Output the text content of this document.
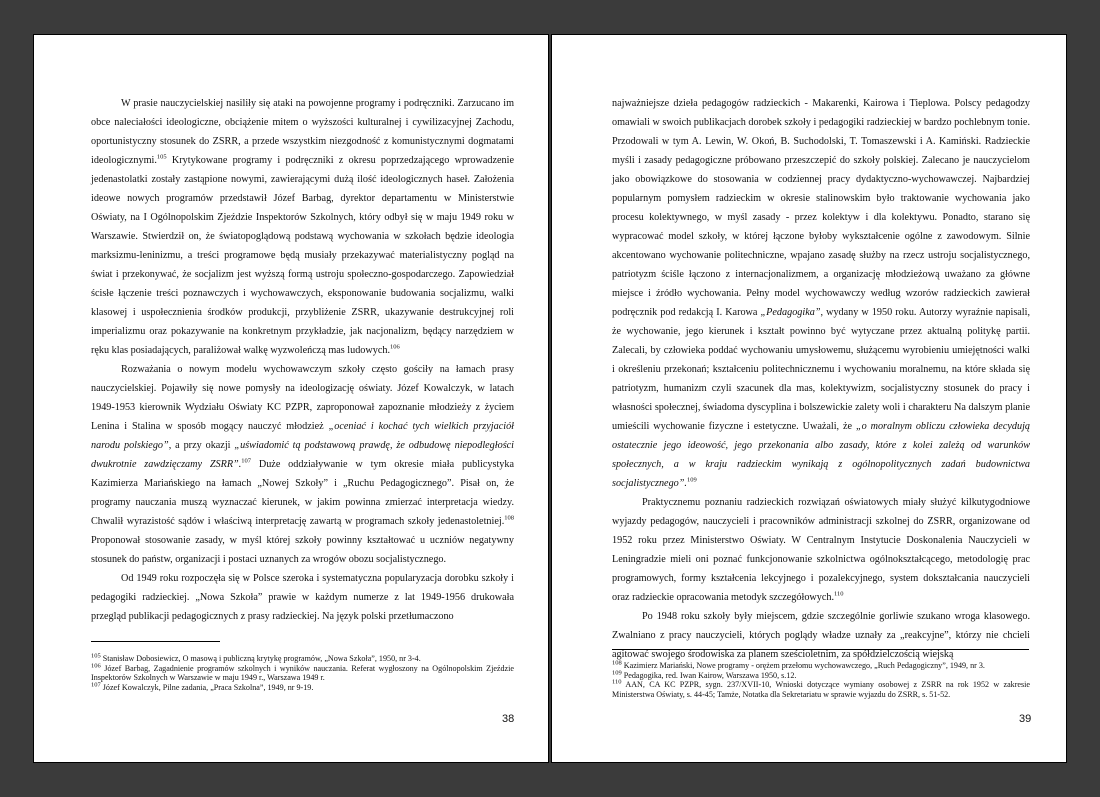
W prasie nauczycielskiej nasiliły się ataki na powojenne programy i podręczniki. Zarzucano im obce naleciałości ideologiczne, obciążenie mitem o wyższości kulturalnej i cywilizacyjnej Zachodu, oportunistyczny stosunek do ZSRR, a przede wszystkim niezgodność z komunistycznymi dogmatami ideologicznymi.$^{105}$ Krytykowane programy i podręczniki z okresu poprzedzającego wprowadzenie jedenastolatki zostały zastąpione nowymi, zawierającymi dużą ilość ideologicznych haseł. Założenia ideowe nowych programów przedstawił Józef Barbag, dyrektor departamentu w Ministerstwie Oświaty, na I Ogólnopolskim Zjeździe Inspektorów Szkolnych, który odbył się w maju 1949 roku w Warszawie. Stwierdził on, że światopoglądową podstawą wychowania w szkołach będzie ideologia marksizmu-leninizmu, a treści programowe będą musiały przekazywać materialistyczny pogląd na świat i przekonywać, że socjalizm jest wyższą formą ustroju społeczno-gospodarczego. Zapowiedział ścisłe łączenie treści poznawczych i wychowawczych, eksponowanie budowania socjalizmu, walki klasowej i uspołecznienia środków produkcji, przybliżenie ZSRR, ukazywanie destrukcyjnej roli imperializmu oraz pokazywanie na konkretnym przykładzie, jak nacjonalizm, będący narzędziem w ręku klas posiadających, paraliżował walkę wyzwoleńczą mas ludowych.$^{106}$

Rozważania o nowym modelu wychowawczym szkoły często gościły na łamach prasy nauczycielskiej. Pojawiły się nowe pomysły na ideologizację oświaty. Józef Kowalczyk, w latach 1949-1953 kierownik Wydziału Oświaty KC PZPR, zaproponował zapoznanie młodzieży z życiem Lenina i Stalina w sposób mogący nauczyć młodzież „oceniać i kochać tych wielkich przyjaciół narodu polskiego”, a przy okazji „uświadomić tą podstawową prawdę, że odbudowę niepodległości dwukrotnie zawdzięczamy ZSRR”.$^{107}$ Duże oddziaływanie w tym okresie miała publicystyka Kazimierza Mariańskiego na łamach „Nowej Szkoły” i „Ruchu Pedagogicznego”. Pisał on, że programy nauczania muszą wyznaczać kierunek, w jakim powinna zmierzać interpretacja wiedzy. Chwalił wyrazistość sądów i właściwą interpretację zawartą w programach szkoły jedenastoletniej.$^{108}$ Proponował stosowanie zasady, w myśl której szkoły powinny kształtować u uczniów negatywny stosunek do państw, organizacji i postaci uznanych za wrogów obozu socjalistycznego.

Od 1949 roku rozpoczęła się w Polsce szeroka i systematyczna popularyzacja dorobku szkoły i pedagogiki radzieckiej. „Nowa Szkoła” prawie w każdym numerze z lat 1949-1956 drukowała przegląd publikacji pedagogicznych z prasy radzieckiej. Na język polski przetłumaczono

$^{105}$ Stanisław Dobosiewicz, O masową i publiczną krytykę programów, „Nowa Szkoła”, 1950, nr 3-4.
$^{106}$ Józef Barbag, Zagadnienie programów szkolnych i wyników nauczania. Referat wygłoszony na Ogólnopolskim Zjeździe Inspektorów Szkolnych w Warszawie w maju 1949 r., Warszawa 1949 r.
$^{107}$ Józef Kowalczyk, Pilne zadania, „Praca Szkolna”, 1949, nr 9-19.
38

najważniejsze dzieła pedagogów radzieckich - Makarenki, Kairowa i Tieplowa. Polscy pedagodzy omawiali w swoich publikacjach dorobek szkoły i pedagogiki radzieckiej w bardzo pochlebnym tonie. Przodowali w tym A. Lewin, W. Okoń, B. Suchodolski, T. Tomaszewski i A. Kamiński. Radzieckie myśli i zasady pedagogiczne próbowano przeszczepić do szkoły polskiej. Zalecano je nauczycielom jako obowiązkowe do stosowania w codziennej pracy dydaktyczno-wychowawczej. Najbardziej popularnym pomysłem radzieckim w okresie stalinowskim było traktowanie wychowania jako procesu kolektywnego, w myśl zasady - przez kolektyw i dla kolektywu. Ponadto, starano się wypracować model szkoły, w której łączone byłoby wykształcenie ogólne z zawodowym. Silnie akcentowano wychowanie politechniczne, wpajano zasadę służby na rzecz ustroju socjalistycznego, patriotyzm ściśle łączono z internacjonalizmem, a organizację młodzieżową uważano za główne miejsce i źródło wychowania. Pełny model wychowawczy według wzorów radzieckich zawierał podręcznik pod redakcją I. Karowa „Pedagogika”, wydany w 1950 roku. Autorzy wyraźnie napisali, że wychowanie, jego kierunek i kształt powinno być wytyczane przez aktualną politykę partii. Zalecali, by człowieka poddać wychowaniu umysłowemu, służącemu wyrobieniu umiejętności walki i określeniu przekonań; kształceniu politechnicznemu i wychowaniu moralnemu, na które składa się patriotyzm, humanizm czyli szacunek dla mas, kolektywizm, socjalistyczny stosunek do pracy i własności społecznej, świadoma dyscyplina i bolszewickie zalety woli i charakteru Na dalszym planie umieścili wychowanie fizyczne i estetyczne. Uważali, że „o moralnym obliczu człowieka decydują ostatecznie jego ideowość, jego przekonania albo zasady, które z kolei zależą od warunków społecznych, a w kraju radzieckim wynikają z ogólnopolitycznych zadań budownictwa socjalistycznego”.$^{109}$

Praktycznemu poznaniu radzieckich rozwiązań oświatowych miały służyć kilkutygodniowe wyjazdy pedagogów, nauczycieli i pracowników administracji szkolnej do ZSRR, organizowane od 1952 roku przez Ministerstwo Oświaty. W Centralnym Instytucie Doskonalenia Nauczycieli w Leningradzie mieli oni poznać funkcjonowanie szkolnictwa ogólnokształcącego, metodologię prac programowych, formy kształcenia lekcyjnego i pozalekcyjnego, system dokształcania nauczycieli oraz radzieckie opracowania metodyk szczegółowych.$^{110}$

Po 1948 roku szkoły były miejscem, gdzie szczególnie gorliwie szukano wroga klasowego. Zwalniano z pracy nauczycieli, których poglądy władze uznały za „reakcyjne”, którzy nie chcieli agitować swojego środowiska za planem sześcioletnim, za spółdzielczością wiejską

$^{108}$ Kazimierz Mariański, Nowe programy - orężem przełomu wychowawczego, „Ruch Pedagogiczny”, 1949, nr 3.
$^{109}$ Pedagogika, red. Iwan Kairow, Warszawa 1950, s.12.
$^{110}$ AAN, CA KC PZPR, sygn. 237/XVII-10, Wnioski dotyczące wymiany osobowej z ZSRR na rok 1952 w zakresie Ministerstwa Oświaty, s. 44-45; Tamże, Notatka dla Sekretariatu w sprawie wyjazdu do ZSRR, s. 51-52.
39
